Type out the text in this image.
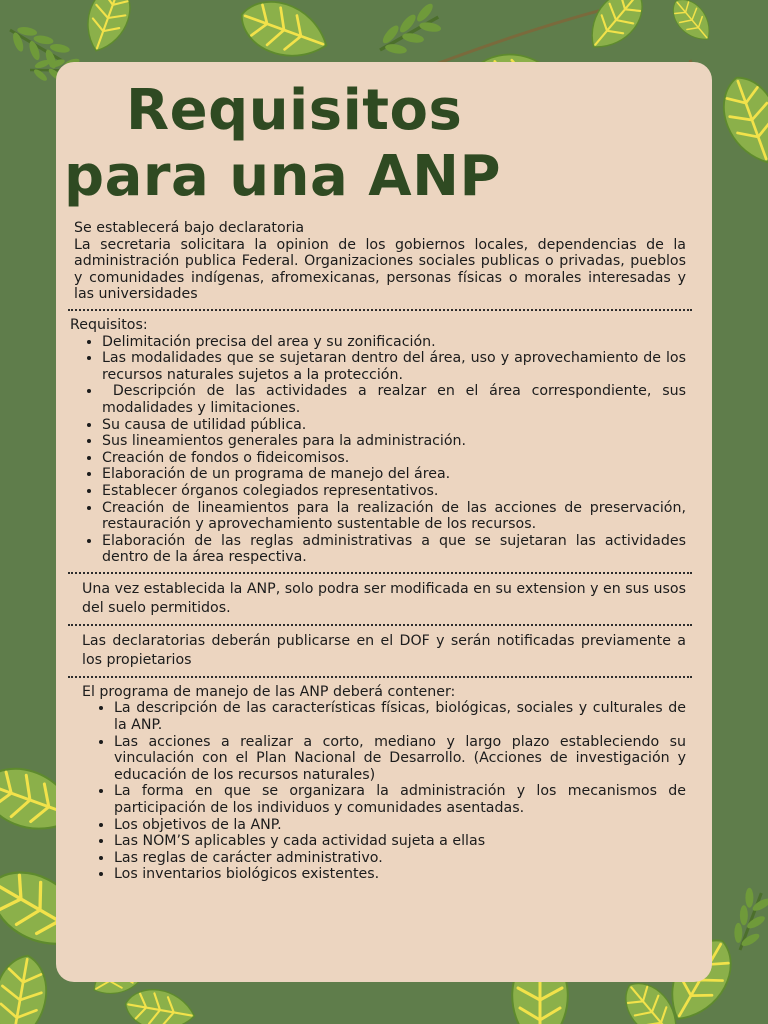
Requisitos
para una ANP

Se establecerá bajo declaratoria

La secretaria solicitara la opinion de los gobiernos locales, dependencias de la administración publica Federal. Organizaciones sociales publicas o privadas, pueblos y comunidades indígenas, afromexicanas, personas físicas o morales interesadas y las universidades

Requisitos:

• Delimitación precisa del area y su zonificación.
• Las modalidades que se sujetaran dentro del área, uso y aprovechamiento de los recursos naturales sujetos a la protección.
•  Descripción de las actividades a realzar en el área correspondiente, sus modalidades y limitaciones.
• Su causa de utilidad pública.
• Sus lineamientos generales para la administración.
• Creación de fondos o fideicomisos.
• Elaboración de un programa de manejo del área.
• Establecer órganos colegiados representativos.
• Creación de lineamientos para la realización de las acciones de preservación, restauración y aprovechamiento sustentable de los recursos.
• Elaboración de las reglas administrativas a que se sujetaran las actividades dentro de la área respectiva.

Una vez establecida la ANP, solo podra ser modificada en su extension y en sus usos del suelo permitidos.

Las declaratorias deberán publicarse en el DOF y serán notificadas previamente a los propietarios

El programa de manejo de las ANP deberá contener:

• La descripción de las características físicas, biológicas, sociales y culturales de la ANP.
• Las acciones a realizar a corto, mediano y largo plazo estableciendo su vinculación con el Plan Nacional de Desarrollo. (Acciones de investigación y educación de los recursos naturales)
• La forma en que se organizara la administración y los mecanismos de participación de los individuos y comunidades asentadas.
• Los objetivos de la ANP.
• Las NOM’S aplicables y cada actividad sujeta a ellas
• Las reglas de carácter administrativo.
• Los inventarios biológicos existentes.
